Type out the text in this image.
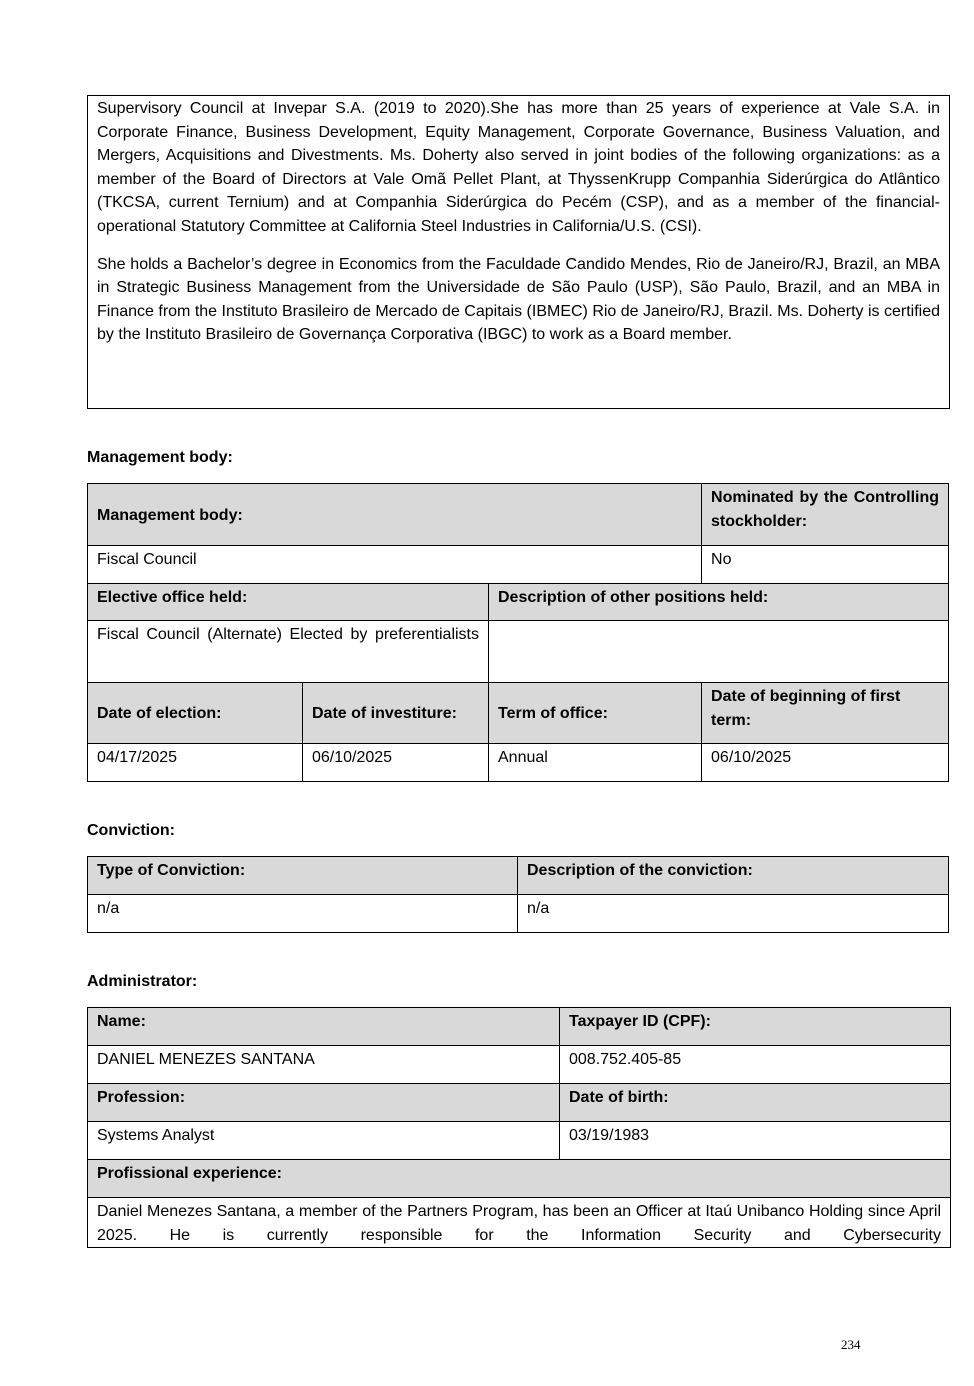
Supervisory Council at Invepar S.A. (2019 to 2020).She has more than 25 years of experience at Vale S.A. in Corporate Finance, Business Development, Equity Management, Corporate Governance, Business Valuation, and Mergers, Acquisitions and Divestments. Ms. Doherty also served in joint bodies of the following organizations: as a member of the Board of Directors at Vale Omã Pellet Plant, at ThyssenKrupp Companhia Siderúrgica do Atlântico (TKCSA, current Ternium) and at Companhia Siderúrgica do Pecém (CSP), and as a member of the financial-operational Statutory Committee at California Steel Industries in California/U.S. (CSI).

She holds a Bachelor’s degree in Economics from the Faculdade Candido Mendes, Rio de Janeiro/RJ, Brazil, an MBA in Strategic Business Management from the Universidade de São Paulo (USP), São Paulo, Brazil, and an MBA in Finance from the Instituto Brasileiro de Mercado de Capitais (IBMEC) Rio de Janeiro/RJ, Brazil. Ms. Doherty is certified by the Instituto Brasileiro de Governança Corporativa (IBGC) to work as a Board member.

Management body:
Management body:			Nominated by the Controlling stockholder:
Fiscal Council			No
Elective office held:		Description of other positions held:	
Fiscal Council (Alternate) Elected by preferentialists			
Date of election:	Date of investiture:	Term of office:	Date of beginning of first term:
04/17/2025	06/10/2025	Annual	06/10/2025
Conviction:
Type of Conviction:	Description of the conviction:
n/a	n/a
Administrator:
Name:	Taxpayer ID (CPF):
DANIEL MENEZES SANTANA	008.752.405-85
Profession:	Date of birth:
Systems Analyst	03/19/1983
Profissional experience:	
Daniel Menezes Santana, a member of the Partners Program, has been an Officer at Itaú Unibanco Holding since April 2025. He is currently responsible for the Information Security and Cybersecurity	
234
